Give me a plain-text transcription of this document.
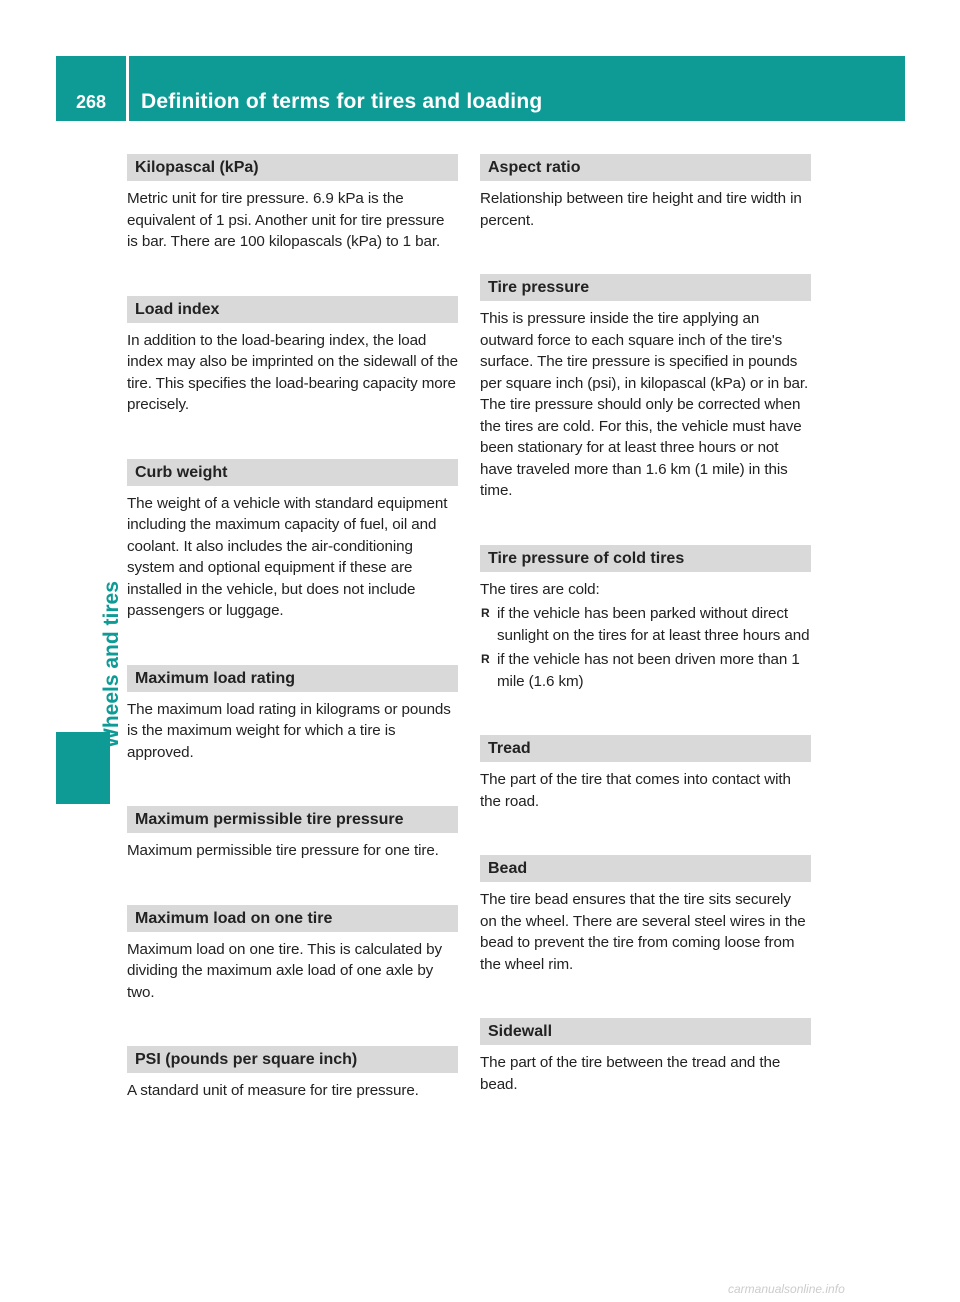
268	Definition of terms for tires and loading
Wheels and tires
Kilopascal (kPa)
Metric unit for tire pressure. 6.9 kPa is the equivalent of 1 psi. Another unit for tire pressure is bar. There are 100 kilopascals (kPa) to 1 bar.
Load index
In addition to the load-bearing index, the load index may also be imprinted on the sidewall of the tire. This specifies the load-bearing capacity more precisely.
Curb weight
The weight of a vehicle with standard equipment including the maximum capacity of fuel, oil and coolant. It also includes the air-conditioning system and optional equipment if these are installed in the vehicle, but does not include passengers or luggage.
Maximum load rating
The maximum load rating in kilograms or pounds is the maximum weight for which a tire is approved.
Maximum permissible tire pressure
Maximum permissible tire pressure for one tire.
Maximum load on one tire
Maximum load on one tire. This is calculated by dividing the maximum axle load of one axle by two.
PSI (pounds per square inch)
A standard unit of measure for tire pressure.
Aspect ratio
Relationship between tire height and tire width in percent.
Tire pressure
This is pressure inside the tire applying an outward force to each square inch of the tire's surface. The tire pressure is specified in pounds per square inch (psi), in kilopascal (kPa) or in bar. The tire pressure should only be corrected when the tires are cold. For this, the vehicle must have been stationary for at least three hours or not have traveled more than 1.6 km (1 mile) in this time.
Tire pressure of cold tires

The tires are cold:

R if the vehicle has been parked without direct sunlight on the tires for at least three hours and
R if the vehicle has not been driven more than 1 mile (1.6 km)
Tread
The part of the tire that comes into contact with the road.
Bead
The tire bead ensures that the tire sits securely on the wheel. There are several steel wires in the bead to prevent the tire from coming loose from the wheel rim.
Sidewall
The part of the tire between the tread and the bead.
carmanualsonline.info
